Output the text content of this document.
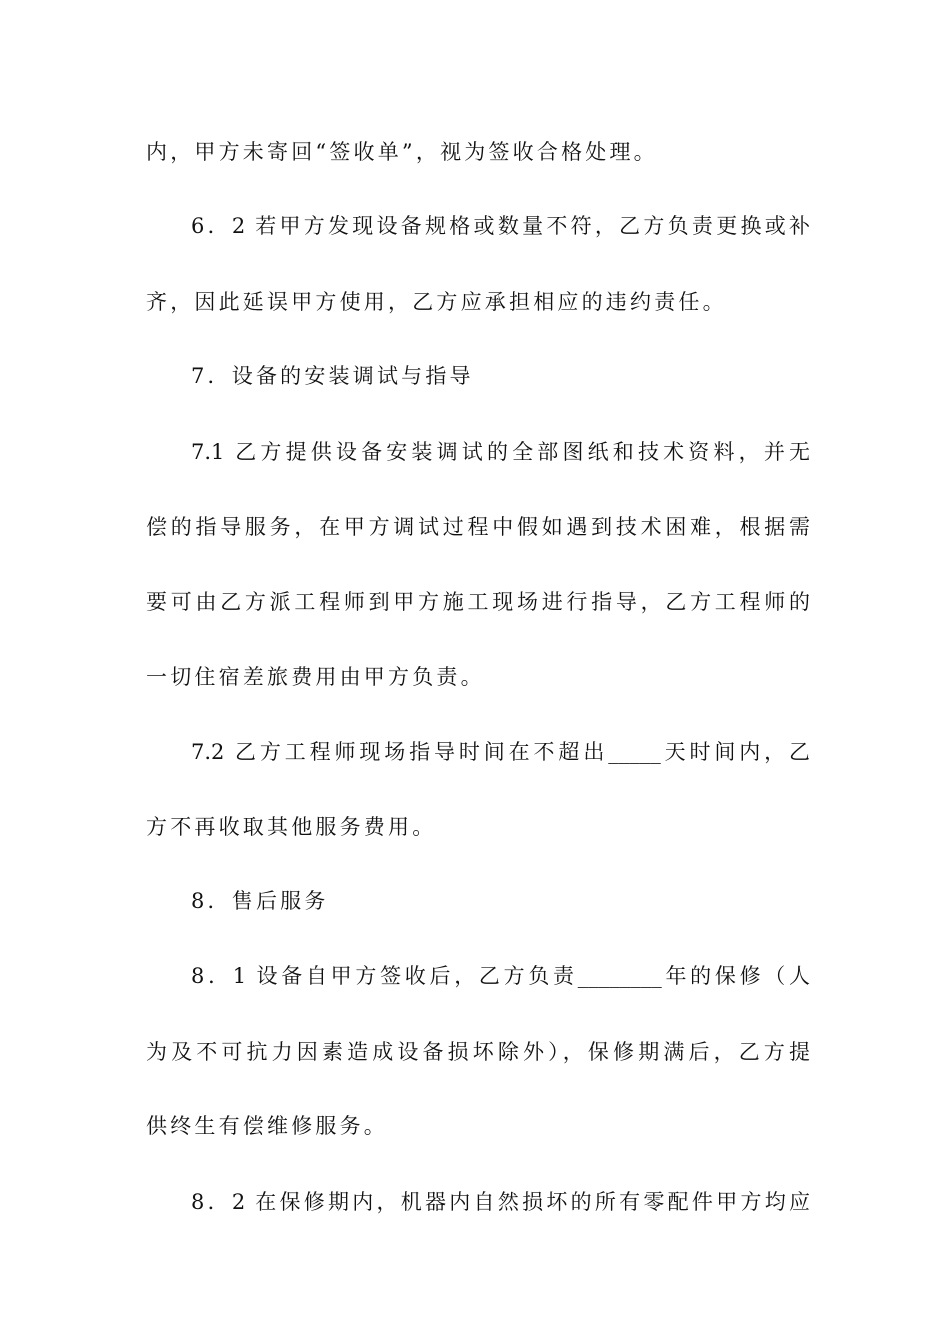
内，甲方未寄回“签收单”，视为签收合格处理。
6．2 若甲方发现设备规格或数量不符，乙方负责更换或补
齐，因此延误甲方使用，乙方应承担相应的违约责任。
7．设备的安装调试与指导
7.1 乙方提供设备安装调试的全部图纸和技术资料，并无
偿的指导服务，在甲方调试过程中假如遇到技术困难，根据需
要可由乙方派工程师到甲方施工现场进行指导，乙方工程师的
一切住宿差旅费用由甲方负责。
7.2 乙方工程师现场指导时间在不超出_____天时间内，乙
方不再收取其他服务费用。
8．售后服务
8．1 设备自甲方签收后，乙方负责________年的保修（人
为及不可抗力因素造成设备损坏除外），保修期满后，乙方提
供终生有偿维修服务。
8．2 在保修期内，机器内自然损坏的所有零配件甲方均应
